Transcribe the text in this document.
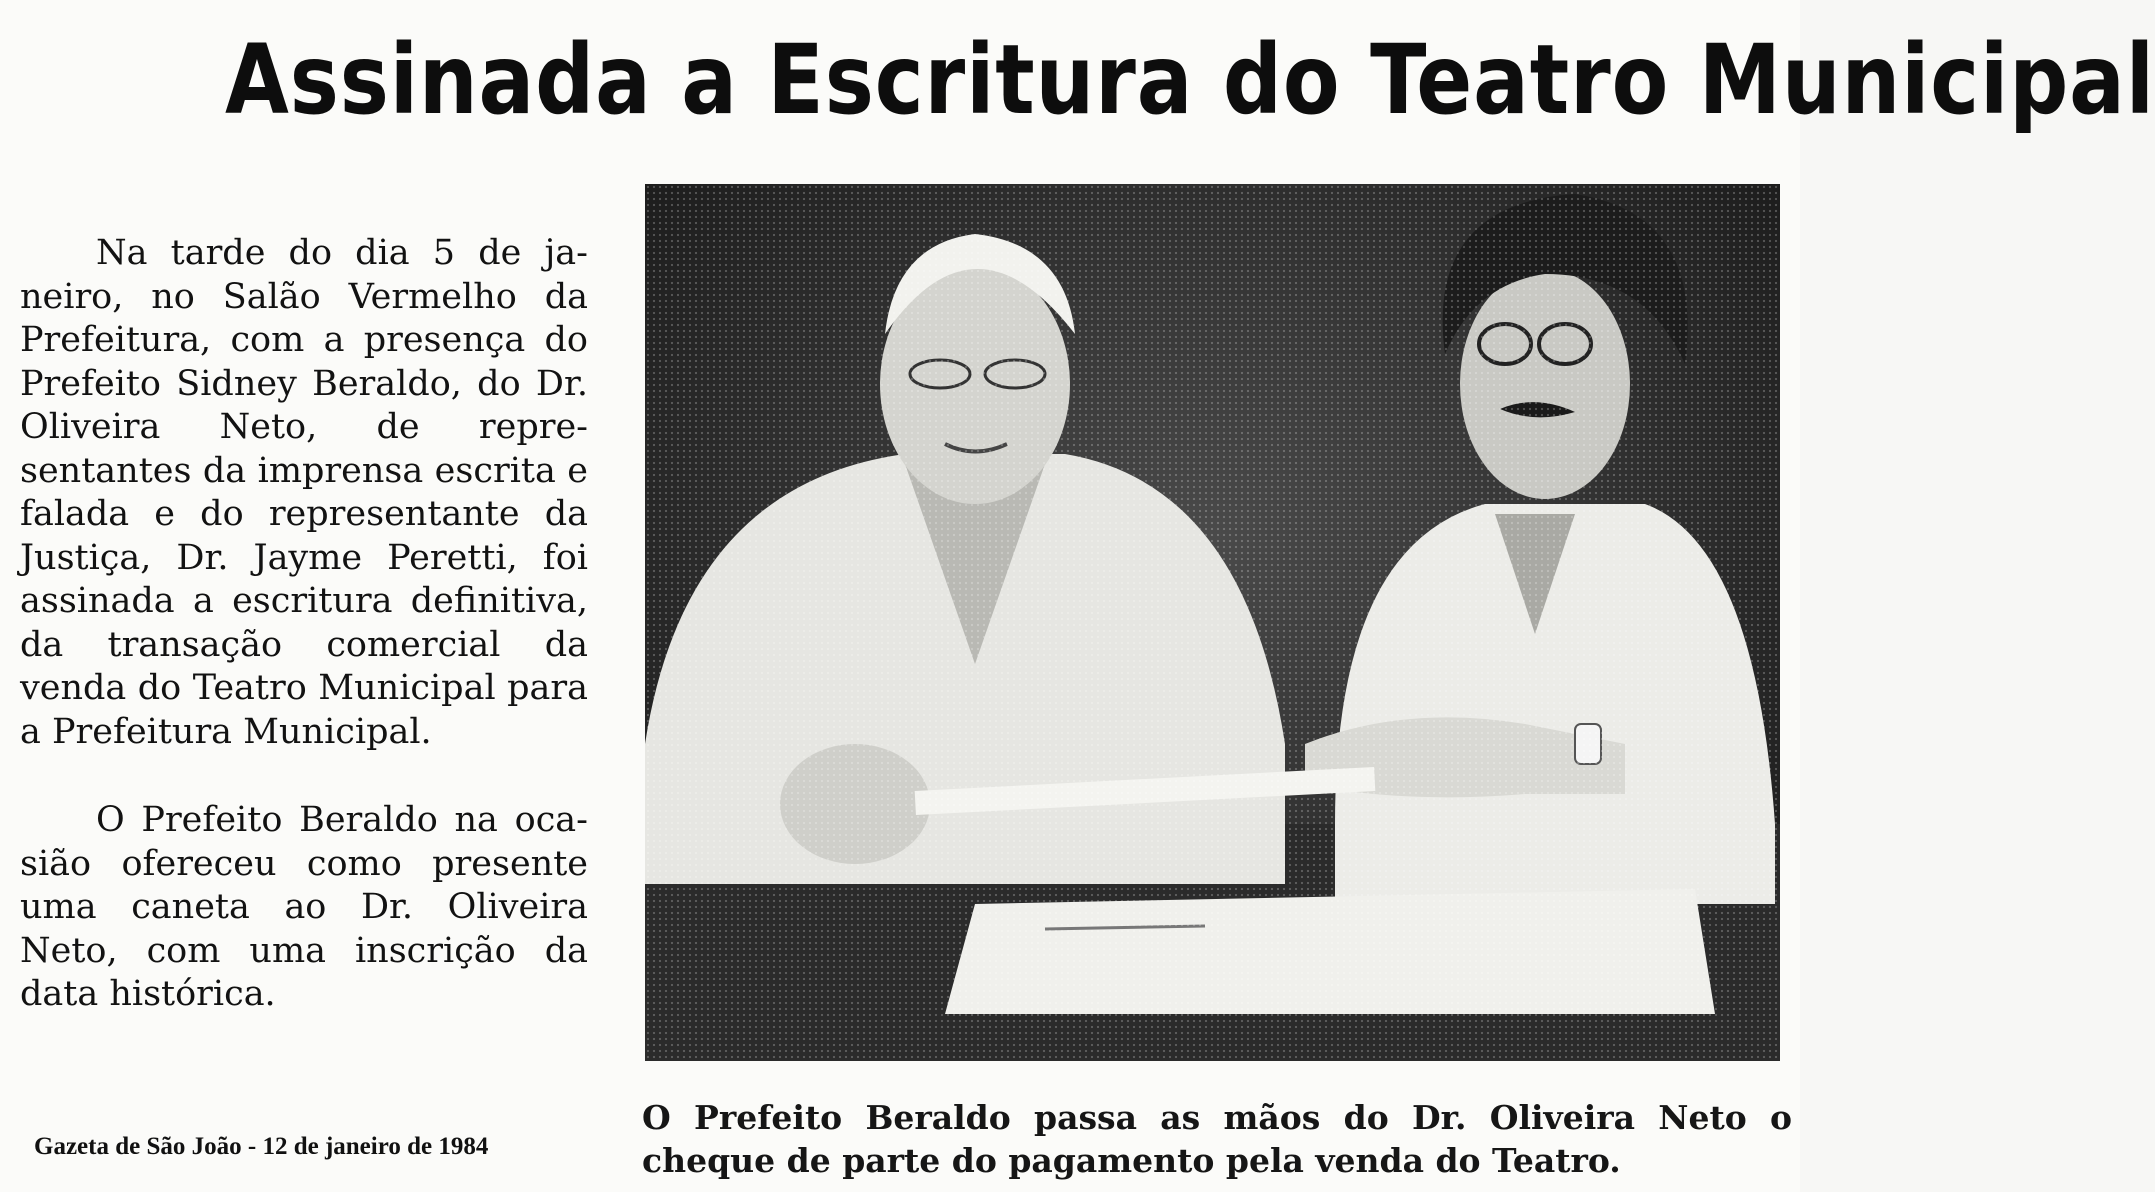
Assinada a Escritura do Teatro Municipal

Na tarde do dia 5 de janeiro, no Salão Vermelho da Prefeitura, com a presença do Prefeito Sidney Beraldo, do Dr. Oliveira Neto, de representantes da imprensa escrita e falada e do representante da Justiça, Dr. Jayme Peretti, foi assinada a escritura definitiva, da transação comercial da venda do Teatro Municipal para a Prefeitura Municipal.

O Prefeito Beraldo na ocasião ofereceu como presente uma caneta ao Dr. Oliveira Neto, com uma inscrição da data histórica.

O Prefeito Beraldo passa as mãos do Dr. Oliveira Neto o cheque de parte do pagamento pela venda do Teatro.
Gazeta de São João - 12 de janeiro de 1984
